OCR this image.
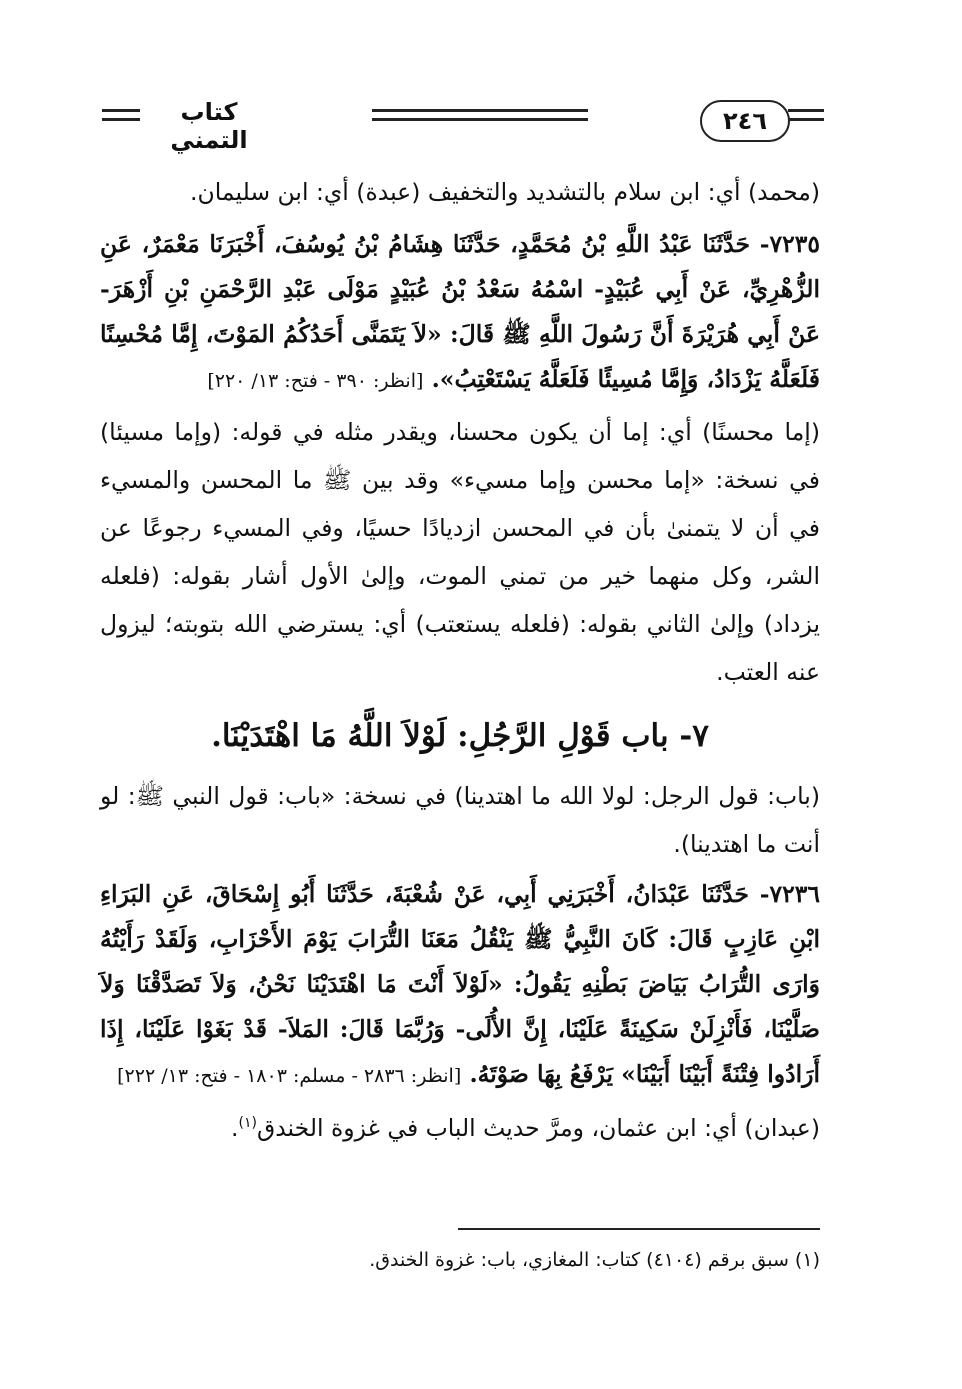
كتاب التمني
٢٤٦

(محمد) أي: ابن سلام بالتشديد والتخفيف (عبدة) أي: ابن سليمان.

٧٢٣٥- حَدَّثَنَا عَبْدُ اللَّهِ بْنُ مُحَمَّدٍ، حَدَّثَنَا هِشَامُ بْنُ يُوسُفَ، أَخْبَرَنَا مَعْمَرٌ، عَنِ الزُّهْرِيِّ، عَنْ أَبِي عُبَيْدٍ- اسْمُهُ سَعْدُ بْنُ عُبَيْدٍ مَوْلَى عَبْدِ الرَّحْمَنِ بْنِ أَزْهَرَ- عَنْ أَبِي هُرَيْرَةَ أَنَّ رَسُولَ اللَّهِ ﷺ قَالَ: «لاَ يَتَمَنَّى أَحَدُكُمُ المَوْتَ، إِمَّا مُحْسِنًا فَلَعَلَّهُ يَزْدَادُ، وَإِمَّا مُسِيئًا فَلَعَلَّهُ يَسْتَعْتِبُ». [انظر: ٣٩٠ - فتح: ١٣/ ٢٢٠]

(إما محسنًا) أي: إما أن يكون محسنا، ويقدر مثله في قوله: (وإما مسيئا) في نسخة: «إما محسن وإما مسيء» وقد بين ﷺ ما المحسن والمسيء في أن لا يتمنىٰ بأن في المحسن ازديادًا حسيًا، وفي المسيء رجوعًا عن الشر، وكل منهما خير من تمني الموت، وإلىٰ الأول أشار بقوله: (فلعله يزداد) وإلىٰ الثاني بقوله: (فلعله يستعتب) أي: يسترضي الله بتوبته؛ ليزول عنه العتب.

٧- باب قَوْلِ الرَّجُلِ: لَوْلاَ اللَّهُ مَا اهْتَدَيْنَا.

(باب: قول الرجل: لولا الله ما اهتدينا) في نسخة: «باب: قول النبي ﷺ: لو أنت ما اهتدينا).

٧٢٣٦- حَدَّثَنَا عَبْدَانُ، أَخْبَرَنِي أَبِي، عَنْ شُعْبَةَ، حَدَّثَنَا أَبُو إِسْحَاقَ، عَنِ البَرَاءِ ابْنِ عَازِبٍ قَالَ: كَانَ النَّبِيُّ ﷺ يَنْقُلُ مَعَنَا التُّرَابَ يَوْمَ الأَحْزَابِ، وَلَقَدْ رَأَيْتُهُ وَارَى التُّرَابُ بَيَاضَ بَطْنِهِ يَقُولُ: «لَوْلاَ أَنْتَ مَا اهْتَدَيْنَا نَحْنُ، وَلاَ تَصَدَّقْنَا وَلاَ صَلَّيْنَا، فَأَنْزِلَنْ سَكِينَةً عَلَيْنَا، إِنَّ الأُلَى- وَرُبَّمَا قَالَ: المَلاَ- قَدْ بَغَوْا عَلَيْنَا، إِذَا أَرَادُوا فِتْنَةً أَبَيْنَا أَبَيْنَا» يَرْفَعُ بِهَا صَوْتَهُ. [انظر: ٢٨٣٦ - مسلم: ١٨٠٣ - فتح: ١٣/ ٢٢٢]

(عبدان) أي: ابن عثمان، ومرَّ حديث الباب في غزوة الخندق$^{(١)}$.

(١) سبق برقم (٤١٠٤) كتاب: المغازي، باب: غزوة الخندق.
